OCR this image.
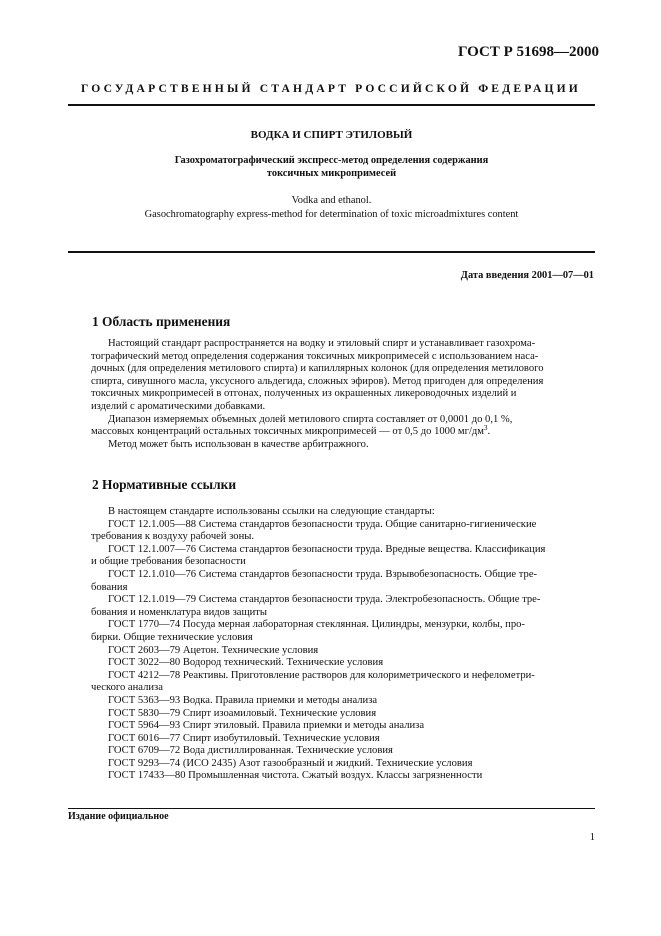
ГОСТ Р 51698—2000
ГОСУДАРСТВЕННЫЙ СТАНДАРТ РОССИЙСКОЙ ФЕДЕРАЦИИ
ВОДКА И СПИРТ ЭТИЛОВЫЙ
Газохроматографический экспресс-метод определения содержания
токсичных микропримесей
Vodka and ethanol.
Gasochromatography express-method for determination of toxic microadmixtures content
Дата введения 2001—07—01
1 Область применения

Настоящий стандарт распространяется на водку и этиловый спирт и устанавливает газохрома-
тографический метод определения содержания токсичных микропримесей с использованием наса-
дочных (для определения метилового спирта) и капиллярных колонок (для определения метилового
спирта, сивушного масла, уксусного альдегида, сложных эфиров). Метод пригоден для определения
токсичных микропримесей в отгонах, полученных из окрашенных ликероводочных изделий и
изделий с ароматическими добавками.

Диапазон измеряемых объемных долей метилового спирта составляет от 0,0001 до 0,1 %,
массовых концентраций остальных токсичных микропримесей — от 0,5 до 1000 $мг/дм^3$.

Метод может быть использован в качестве арбитражного.

2 Нормативные ссылки

В настоящем стандарте использованы ссылки на следующие стандарты:

ГОСТ 12.1.005—88 Система стандартов безопасности труда. Общие санитарно-гигиенические
требования к воздуху рабочей зоны.

ГОСТ 12.1.007—76 Система стандартов безопасности труда. Вредные вещества. Классификация
и общие требования безопасности

ГОСТ 12.1.010—76 Система стандартов безопасности труда. Взрывобезопасность. Общие тре-
бования

ГОСТ 12.1.019—79 Система стандартов безопасности труда. Электробезопасность. Общие тре-
бования и номенклатура видов защиты

ГОСТ 1770—74 Посуда мерная лабораторная стеклянная. Цилиндры, мензурки, колбы, про-
бирки. Общие технические условия

ГОСТ 2603—79 Ацетон. Технические условия

ГОСТ 3022—80 Водород технический. Технические условия

ГОСТ 4212—78 Реактивы. Приготовление растворов для колориметрического и нефелометри-
ческого анализа

ГОСТ 5363—93 Водка. Правила приемки и методы анализа

ГОСТ 5830—79 Спирт изоамиловый. Технические условия

ГОСТ 5964—93 Спирт этиловый. Правила приемки и методы анализа

ГОСТ 6016—77 Спирт изобутиловый. Технические условия

ГОСТ 6709—72 Вода дистиллированная. Технические условия

ГОСТ 9293—74 (ИСО 2435) Азот газообразный и жидкий. Технические условия

ГОСТ 17433—80 Промышленная чистота. Сжатый воздух. Классы загрязненности

Издание официальное
1
